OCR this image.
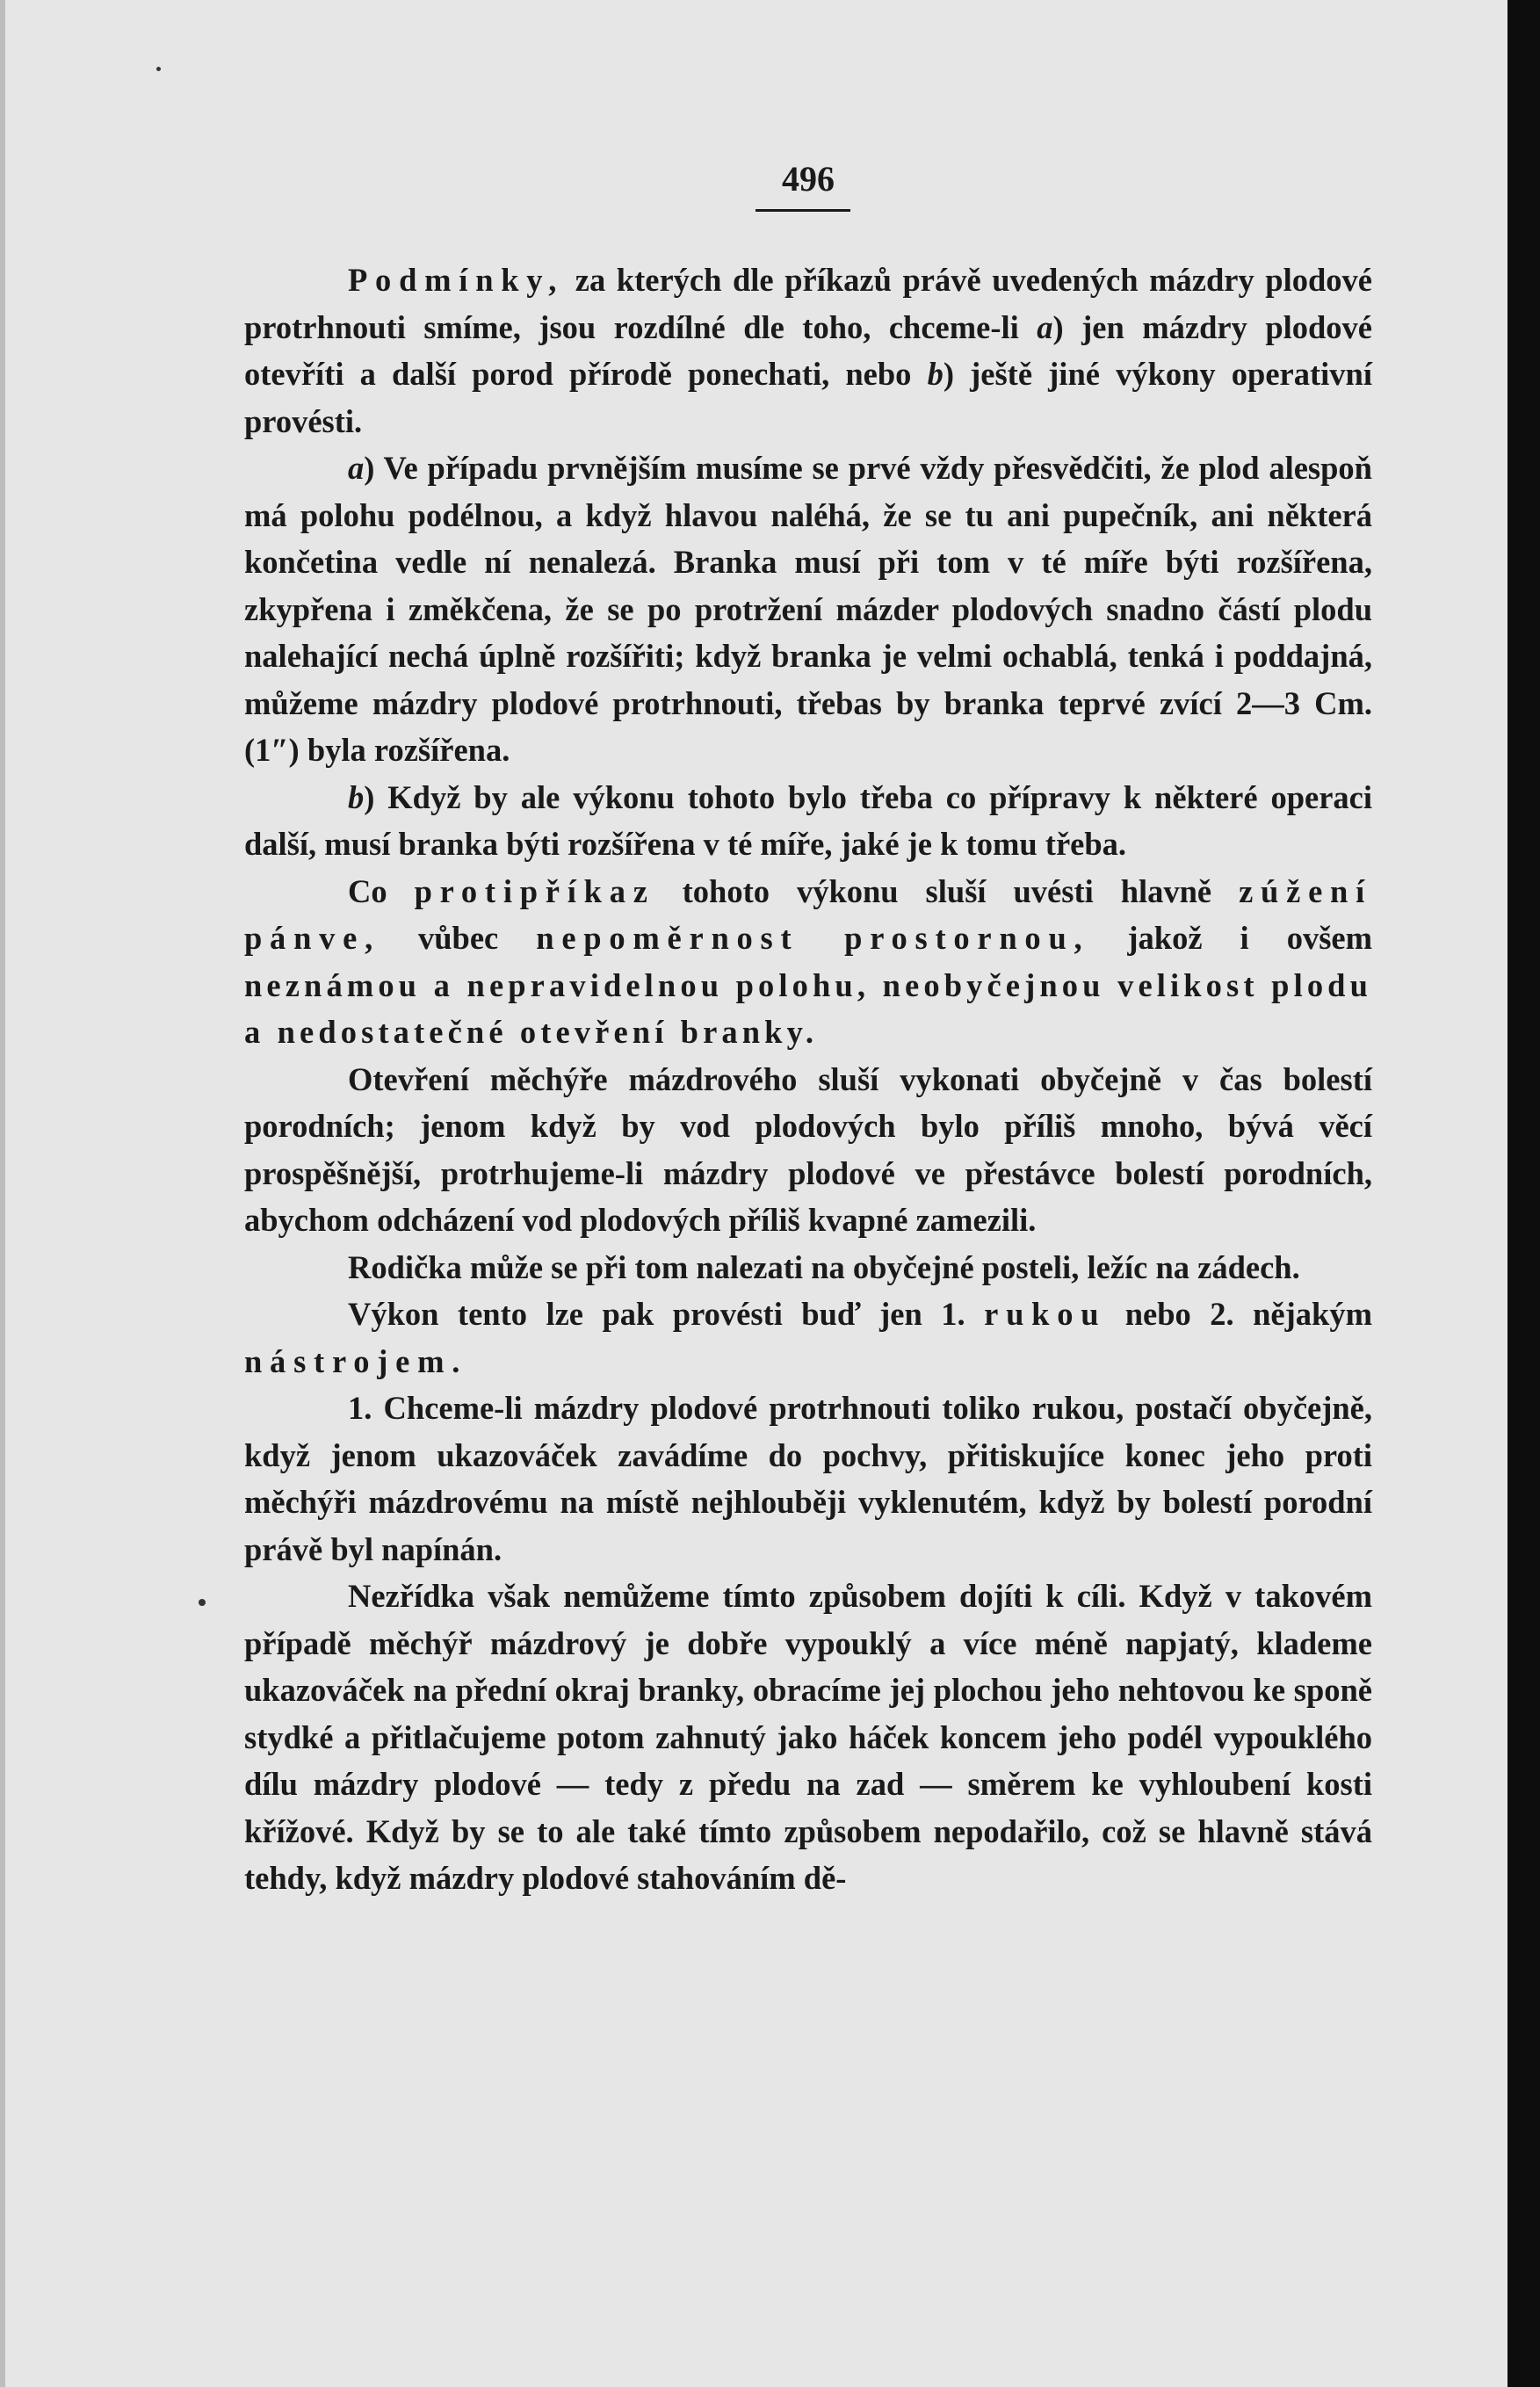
496

Podmínky, za kterých dle příkazů právě uvedených mázdry plodové protrhnouti smíme, jsou rozdílné dle toho, chceme-li a) jen mázdry plodové otevříti a další porod přírodě ponechati, nebo b) ještě jiné výkony operativní provésti.

a) Ve případu prvnějším musíme se prvé vždy přesvědčiti, že plod alespoň má polohu podélnou, a když hlavou naléhá, že se tu ani pupečník, ani některá končetina vedle ní nenalezá. Branka musí při tom v té míře býti rozšířena, zkypřena i změkčena, že se po protržení mázder plodových snadno částí plodu nalehající nechá úplně rozšířiti; když branka je velmi ochablá, tenká i poddajná, můžeme mázdry plodové protrhnouti, třebas by branka teprvé zvící 2—3 Cm. (1″) byla rozšířena.

b) Když by ale výkonu tohoto bylo třeba co přípravy k některé operaci další, musí branka býti rozšířena v té míře, jaké je k tomu třeba.

Co protipříkaz tohoto výkonu sluší uvésti hlavně zúžení pánve, vůbec nepoměrnost prostornou, jakož i ovšem neznámou a nepravidelnou polohu, neobyčejnou velikost plodu a nedostatečné otevření branky.

Otevření měchýře mázdrového sluší vykonati obyčejně v čas bolestí porodních; jenom když by vod plodových bylo příliš mnoho, bývá věcí prospěšnější, protrhujeme-li mázdry plodové ve přestávce bolestí porodních, abychom odcházení vod plodových příliš kvapné zamezili.

Rodička může se při tom nalezati na obyčejné posteli, ležíc na zádech.

Výkon tento lze pak provésti buď jen 1. rukou nebo 2. nějakým nástrojem.

1. Chceme-li mázdry plodové protrhnouti toliko rukou, postačí obyčejně, když jenom ukazováček zavádíme do pochvy, přitiskujíce konec jeho proti měchýři mázdrovému na místě nejhlouběji vyklenutém, když by bolestí porodní právě byl napínán.

Nezřídka však nemůžeme tímto způsobem dojíti k cíli. Když v takovém případě měchýř mázdrový je dobře vypouklý a více méně napjatý, klademe ukazováček na přední okraj branky, obracíme jej plochou jeho nehtovou ke sponě stydké a přitlačujeme potom zahnutý jako háček koncem jeho podél vypouklého dílu mázdry plodové — tedy z předu na zad — směrem ke vyhloubení kosti křížové. Když by se to ale také tímto způsobem nepodařilo, což se hlavně stává tehdy, když mázdry plodové stahováním dě-
